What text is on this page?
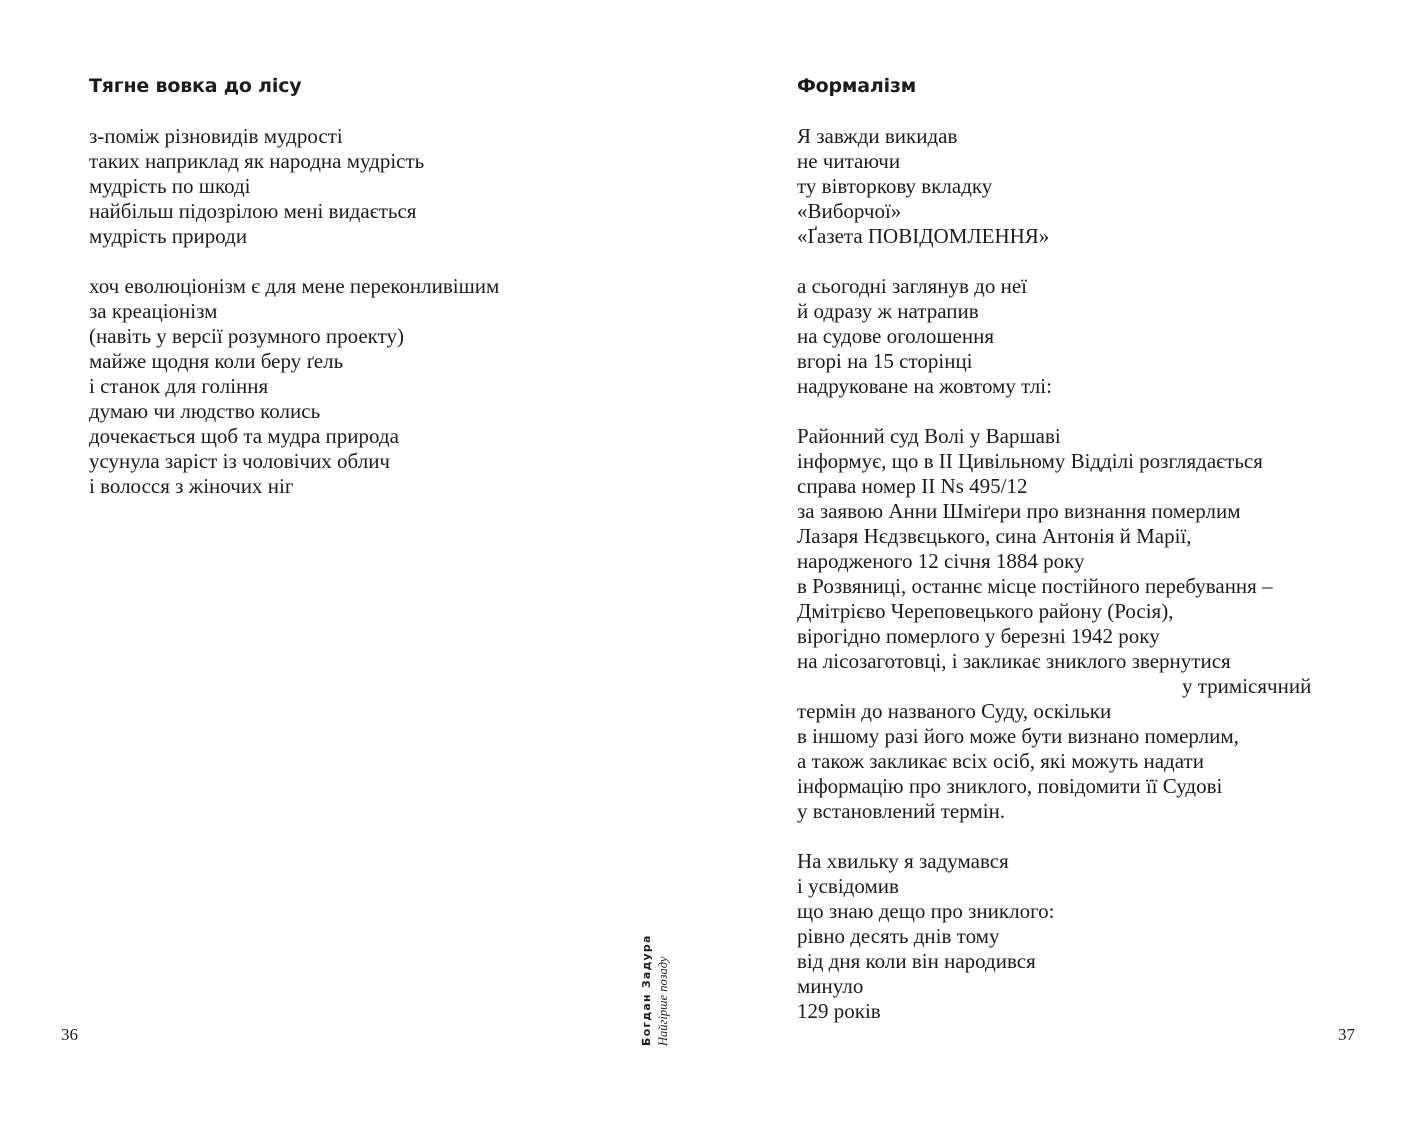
Тягне вовка до лісу
з-поміж різновидів мудрості
таких наприклад як народна мудрість
мудрість по шкоді
найбільш підозрілою мені видається
мудрість природи
хоч еволюціонізм є для мене переконливішим
за креаціонізм
(навіть у версії розумного проекту)
майже щодня коли беру ґель
і станок для гоління
думаю чи людство колись
дочекається щоб та мудра природа
усунула зарiст із чоловічих облич
і волосся з жіночих ніг
36	Богдан Задура Найгірше позаду
Формалізм
Я завжди викидав
не читаючи
ту вівторкову вкладку
«Виборчої»
«Ґазета ПОВІДОМЛЕННЯ»
а сьогодні заглянув до неї
й одразу ж натрапив
на судове оголошення
вгорі на 15 сторінці
надруковане на жовтому тлі:
Районний суд Волі у Варшаві
інформує, що в II Цивільному Відділі розглядається
справа номер II Ns 495/12
за заявою Анни Шміґери про визнання померлим
Лазаря Нєдзвєцького, сина Антонія й Марії,
народженого 12 січня 1884 року
в Розвяниці, останнє місце постійного перебування –
Дмітрієво Череповецького району (Росія),
вірогідно померлого у березні 1942 року
на лісозаготовці, і закликає зниклого звернутися
у тримісячний
термін до названого Суду, оскільки
в іншому разі його може бути визнано померлим,
а також закликає всіх осіб, які можуть надати
інформацію про зниклого, повідомити її Судові
у встановлений термін.
На хвильку я задумався
і усвідомив
що знаю дещо про зниклого:
рівно десять днів тому
від дня коли він народився
минуло
129 років
37
